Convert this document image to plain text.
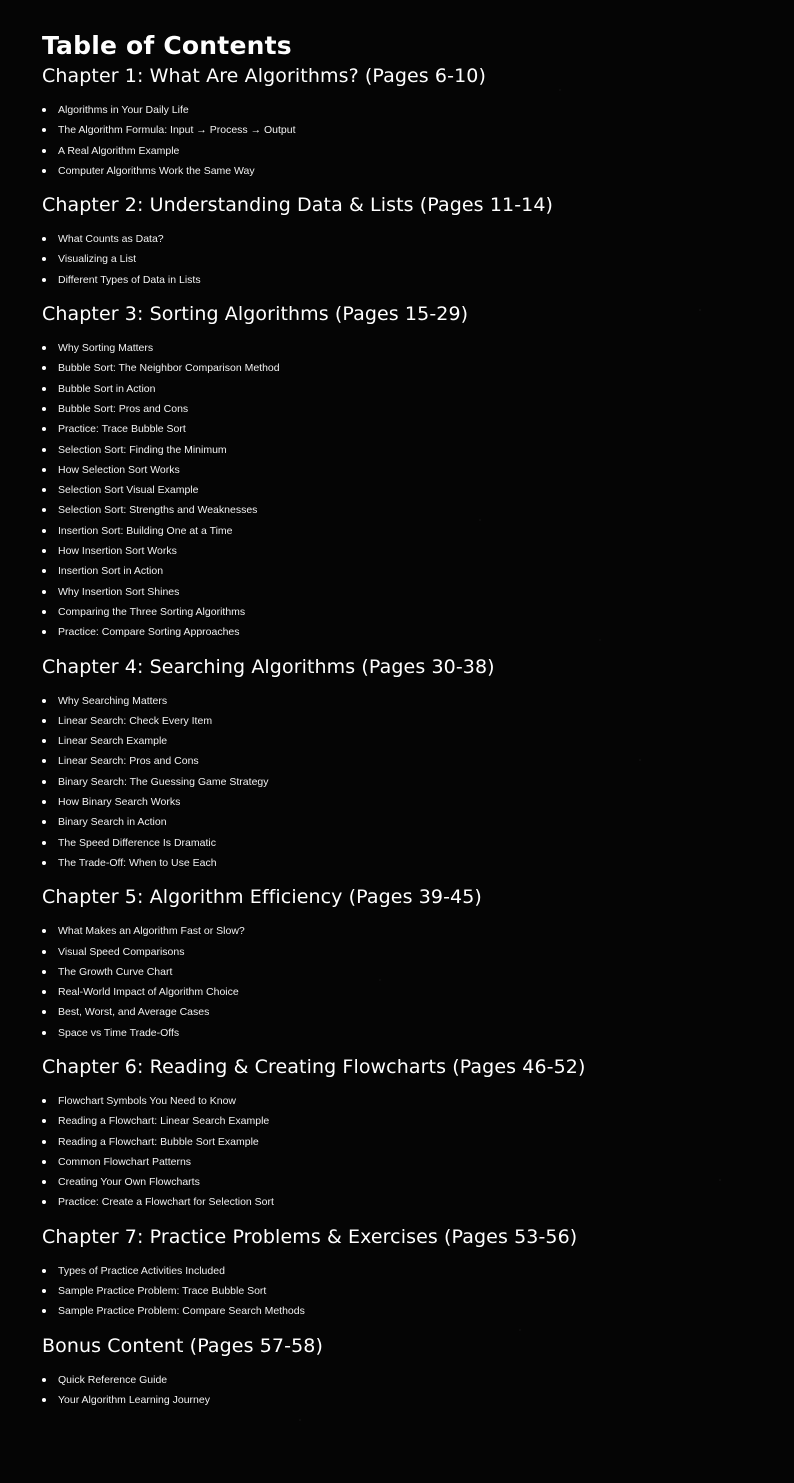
Table of Contents
Chapter 1: What Are Algorithms? (Pages 6-10)
Algorithms in Your Daily Life
The Algorithm Formula: Input → Process → Output
A Real Algorithm Example
Computer Algorithms Work the Same Way
Chapter 2: Understanding Data & Lists (Pages 11-14)
What Counts as Data?
Visualizing a List
Different Types of Data in Lists
Chapter 3: Sorting Algorithms (Pages 15-29)
Why Sorting Matters
Bubble Sort: The Neighbor Comparison Method
Bubble Sort in Action
Bubble Sort: Pros and Cons
Practice: Trace Bubble Sort
Selection Sort: Finding the Minimum
How Selection Sort Works
Selection Sort Visual Example
Selection Sort: Strengths and Weaknesses
Insertion Sort: Building One at a Time
How Insertion Sort Works
Insertion Sort in Action
Why Insertion Sort Shines
Comparing the Three Sorting Algorithms
Practice: Compare Sorting Approaches
Chapter 4: Searching Algorithms (Pages 30-38)
Why Searching Matters
Linear Search: Check Every Item
Linear Search Example
Linear Search: Pros and Cons
Binary Search: The Guessing Game Strategy
How Binary Search Works
Binary Search in Action
The Speed Difference Is Dramatic
The Trade-Off: When to Use Each
Chapter 5: Algorithm Efficiency (Pages 39-45)
What Makes an Algorithm Fast or Slow?
Visual Speed Comparisons
The Growth Curve Chart
Real-World Impact of Algorithm Choice
Best, Worst, and Average Cases
Space vs Time Trade-Offs
Chapter 6: Reading & Creating Flowcharts (Pages 46-52)
Flowchart Symbols You Need to Know
Reading a Flowchart: Linear Search Example
Reading a Flowchart: Bubble Sort Example
Common Flowchart Patterns
Creating Your Own Flowcharts
Practice: Create a Flowchart for Selection Sort
Chapter 7: Practice Problems & Exercises (Pages 53-56)
Types of Practice Activities Included
Sample Practice Problem: Trace Bubble Sort
Sample Practice Problem: Compare Search Methods
Bonus Content (Pages 57-58)
Quick Reference Guide
Your Algorithm Learning Journey
